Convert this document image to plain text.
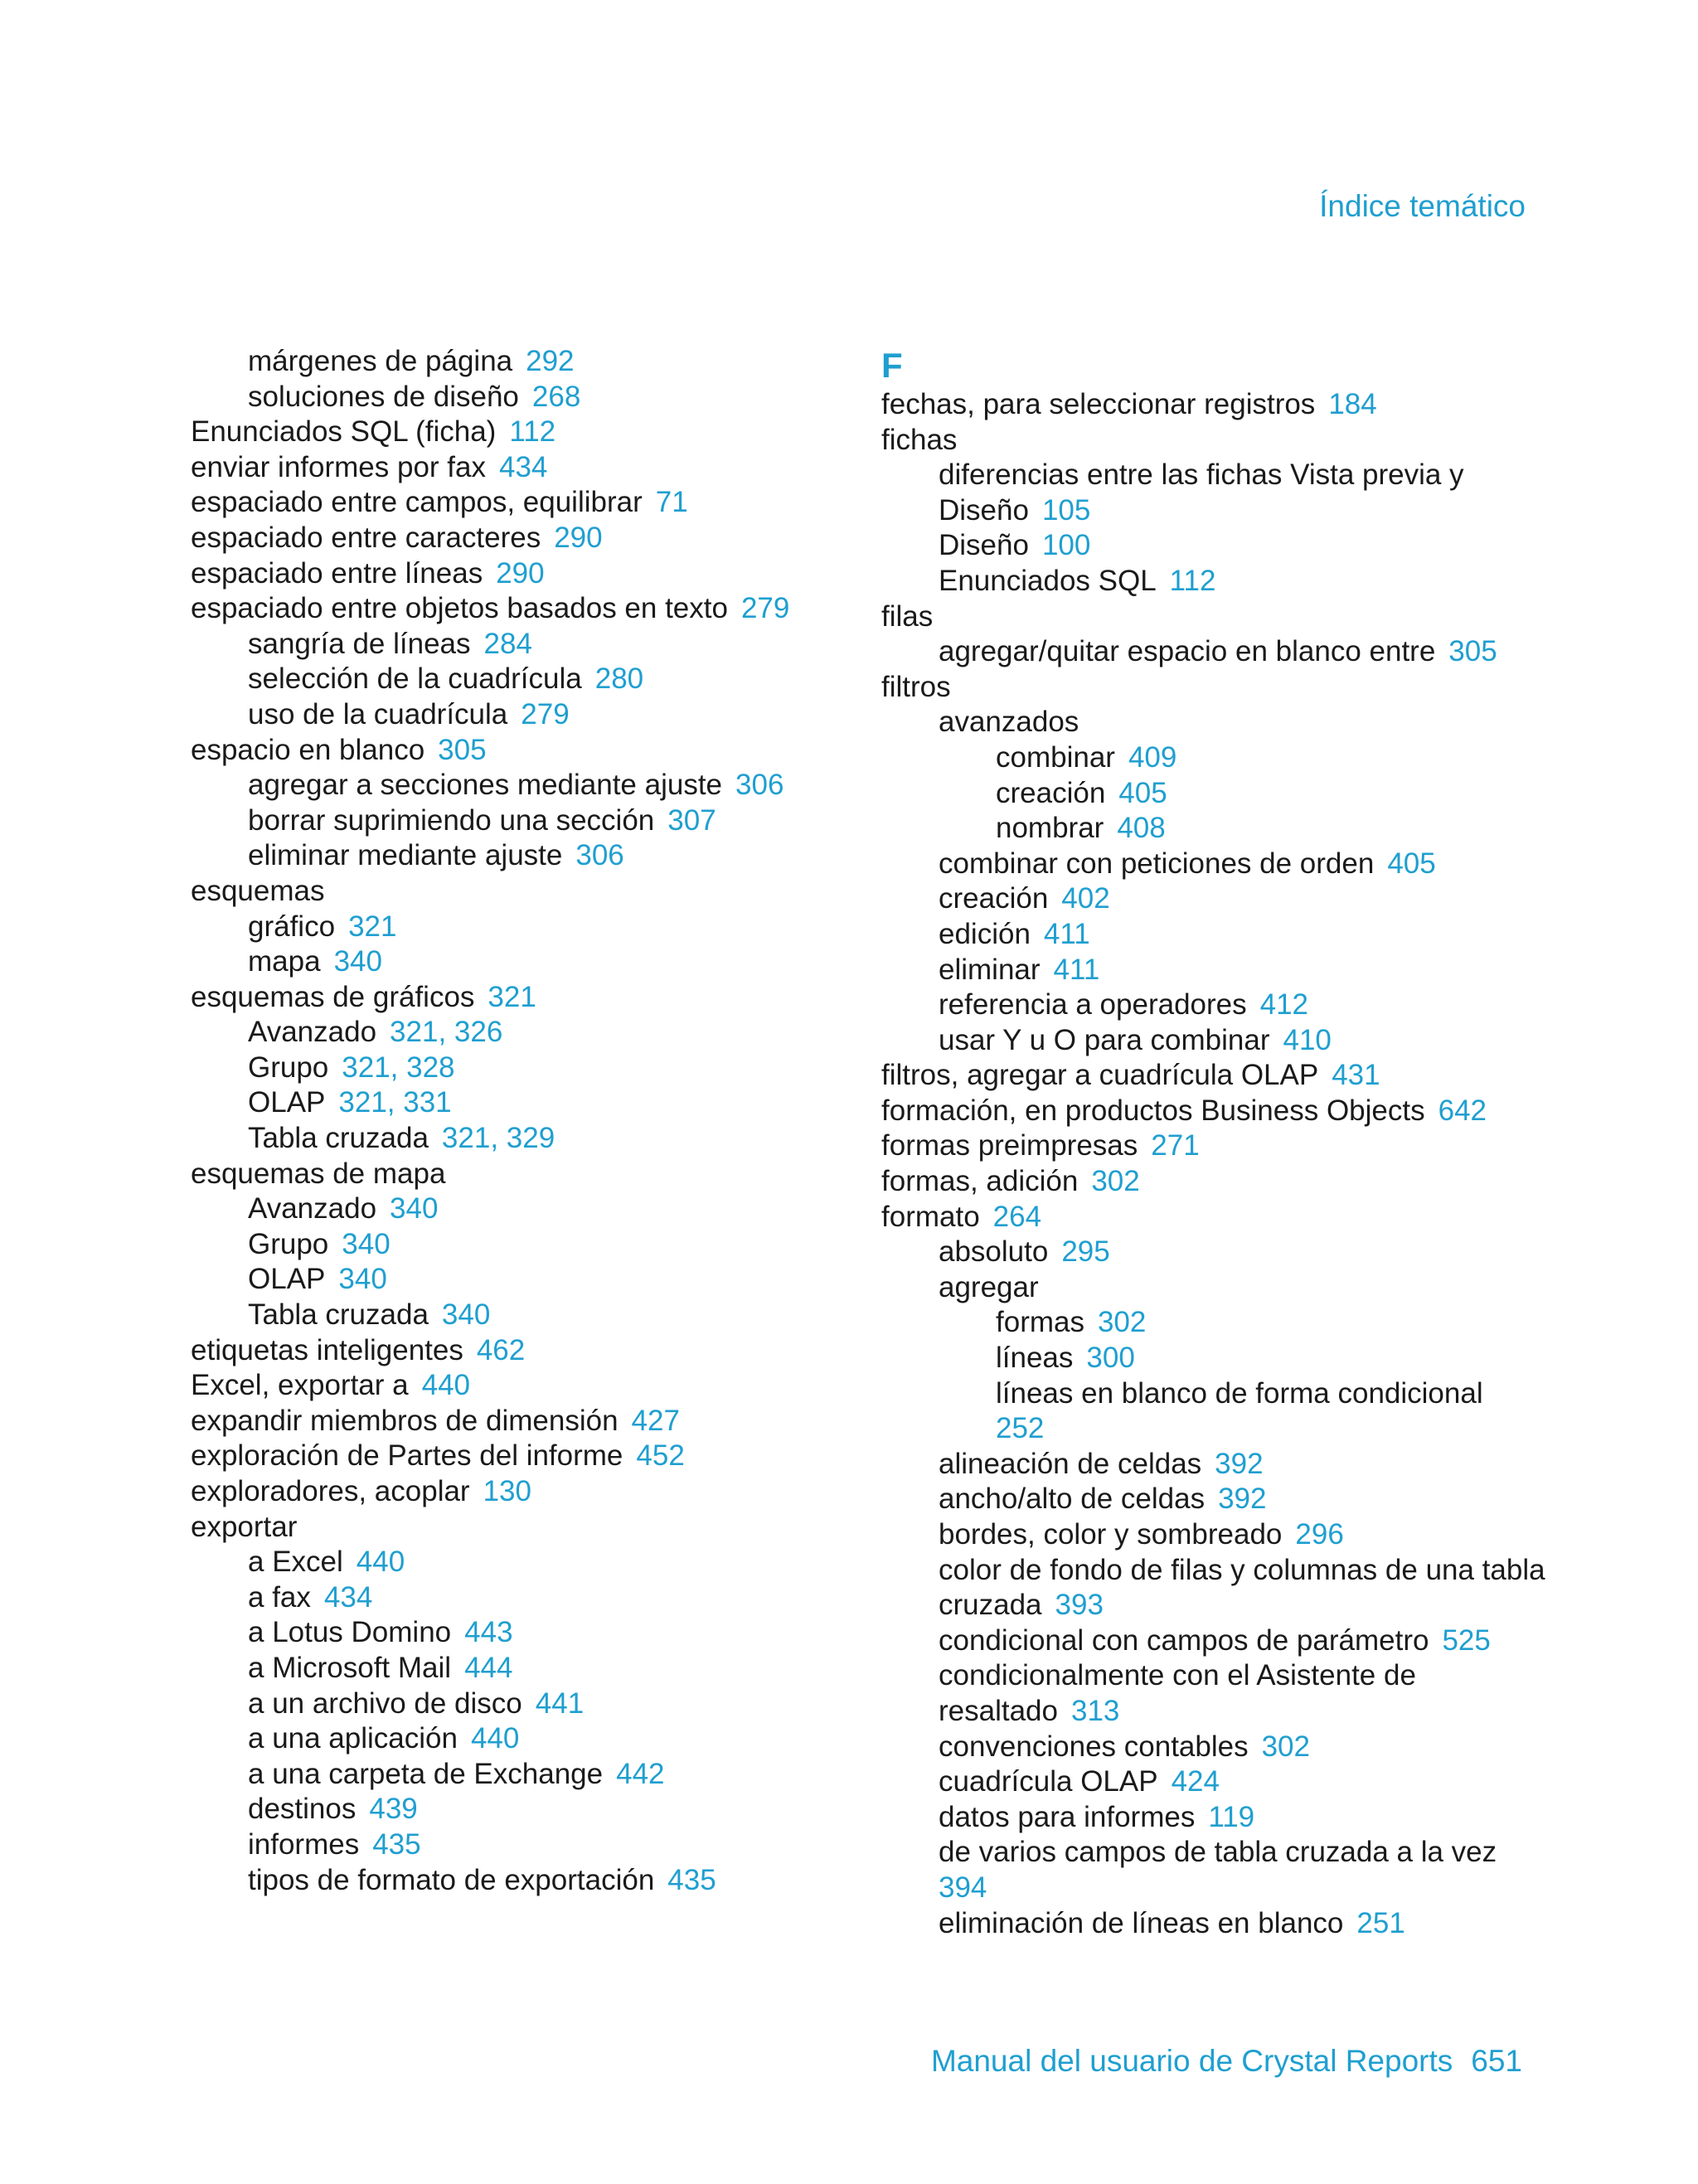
Índice temático
márgenes de página 292
soluciones de diseño 268
Enunciados SQL (ficha) 112
enviar informes por fax 434
espaciado entre campos, equilibrar 71
espaciado entre caracteres 290
espaciado entre líneas 290
espaciado entre objetos basados en texto 279
sangría de líneas 284
selección de la cuadrícula 280
uso de la cuadrícula 279
espacio en blanco 305
agregar a secciones mediante ajuste 306
borrar suprimiendo una sección 307
eliminar mediante ajuste 306
esquemas
gráfico 321
mapa 340
esquemas de gráficos 321
Avanzado 321, 326
Grupo 321, 328
OLAP 321, 331
Tabla cruzada 321, 329
esquemas de mapa
Avanzado 340
Grupo 340
OLAP 340
Tabla cruzada 340
etiquetas inteligentes 462
Excel, exportar a 440
expandir miembros de dimensión 427
exploración de Partes del informe 452
exploradores, acoplar 130
exportar
a Excel 440
a fax 434
a Lotus Domino 443
a Microsoft Mail 444
a un archivo de disco 441
a una aplicación 440
a una carpeta de Exchange 442
destinos 439
informes 435
tipos de formato de exportación 435
F
fechas, para seleccionar registros 184
fichas
diferencias entre las fichas Vista previa y
Diseño 105
Diseño 100
Enunciados SQL 112
filas
agregar/quitar espacio en blanco entre 305
filtros
avanzados
combinar 409
creación 405
nombrar 408
combinar con peticiones de orden 405
creación 402
edición 411
eliminar 411
referencia a operadores 412
usar Y u O para combinar 410
filtros, agregar a cuadrícula OLAP 431
formación, en productos Business Objects 642
formas preimpresas 271
formas, adición 302
formato 264
absoluto 295
agregar
formas 302
líneas 300
líneas en blanco de forma condicional
252
alineación de celdas 392
ancho/alto de celdas 392
bordes, color y sombreado 296
color de fondo de filas y columnas de una tabla
cruzada 393
condicional con campos de parámetro 525
condicionalmente con el Asistente de
resaltado 313
convenciones contables 302
cuadrícula OLAP 424
datos para informes 119
de varios campos de tabla cruzada a la vez
394
eliminación de líneas en blanco 251
Manual del usuario de Crystal Reports 651
